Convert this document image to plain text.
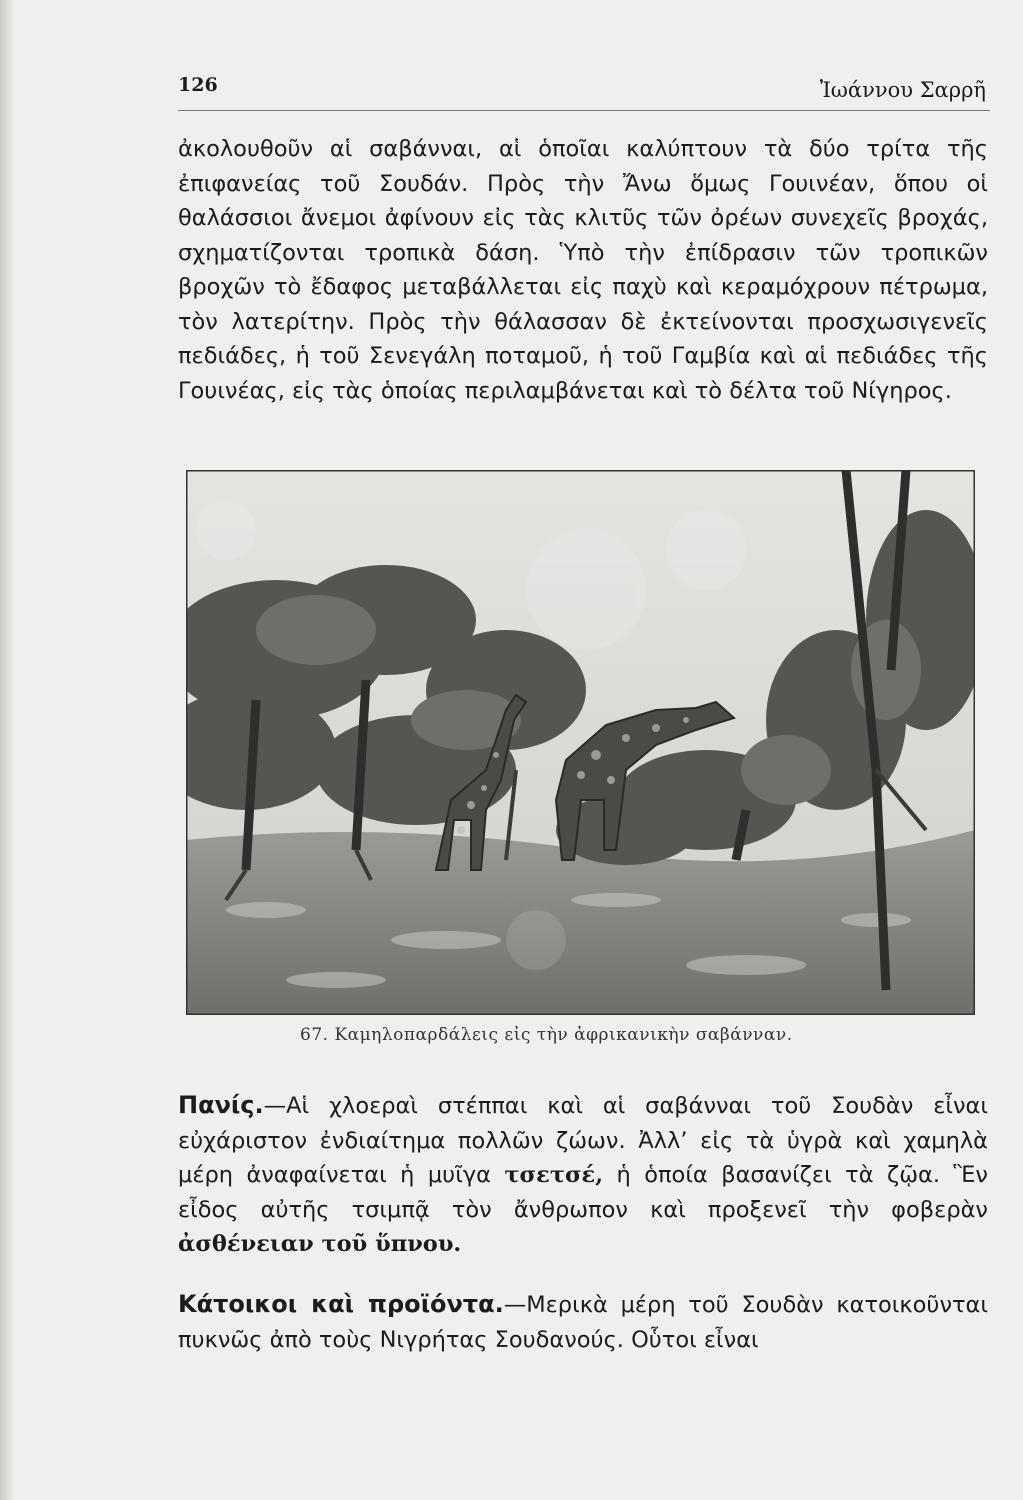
126	Ἰωάννου Σαρρῆ

ἀκολουθοῦν αἱ σαβάνναι, αἱ ὁποῖαι καλύπτουν τὰ δύο τρίτα τῆς ἐπιφανείας τοῦ Σουδάν. Πρὸς τὴν Ἄνω ὅμως Γουινέαν, ὅπου οἱ θαλάσσιοι ἄνεμοι ἀφίνουν εἰς τὰς κλιτῦς τῶν ὀρέων συνεχεῖς βροχάς, σχηματίζονται τροπικὰ δάση. Ὑπὸ τὴν ἐπίδρασιν τῶν τροπικῶν βροχῶν τὸ ἔδαφος μεταβάλλεται εἰς παχὺ καὶ κεραμόχρουν πέτρωμα, τὸν λατερίτην. Πρὸς τὴν θάλασσαν δὲ ἐκτείνονται προσχωσιγενεῖς πεδιάδες, ἡ τοῦ Σενεγάλη ποταμοῦ, ἡ τοῦ Γαμβία καὶ αἱ πεδιάδες τῆς Γουινέας, εἰς τὰς ὁποίας περιλαμβάνεται καὶ τὸ δέλτα τοῦ Νίγηρος.

67. Καμηλοπαρδάλεις εἰς τὴν ἀφρικανικὴν σαβάνναν.

Πανίς.—Αἱ χλοεραὶ στέππαι καὶ αἱ σαβάνναι τοῦ Σουδὰν εἶναι εὐχάριστον ἐνδιαίτημα πολλῶν ζώων. Ἀλλ’ εἰς τὰ ὑγρὰ καὶ χαμηλὰ μέρη ἀναφαίνεται ἡ μυῖγα τσετσέ, ἡ ὁποία βασανίζει τὰ ζῷα. Ἓν εἶδος αὐτῆς τσιμπᾷ τὸν ἄνθρωπον καὶ προξενεῖ τὴν φοβερὰν ἀσθένειαν τοῦ ὕπνου.

Κάτοικοι καὶ προϊόντα.—Μερικὰ μέρη τοῦ Σουδὰν κατοικοῦνται πυκνῶς ἀπὸ τοὺς Νιγρήτας Σουδανούς. Οὗτοι εἶναι
